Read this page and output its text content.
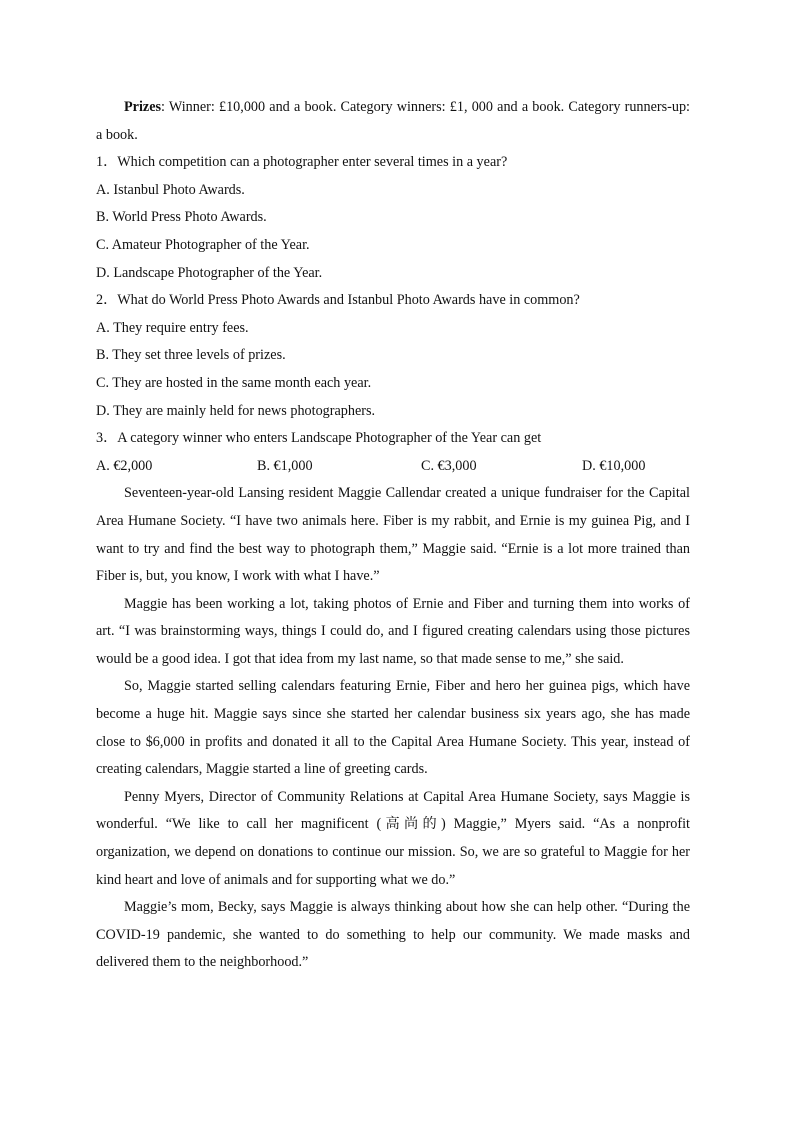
Prizes: Winner: £10,000 and a book. Category winners: £1, 000 and a book. Category runners-up: a book.

1．Which competition can a photographer enter several times in a year?

A. Istanbul Photo Awards.

B. World Press Photo Awards.

C. Amateur Photographer of the Year.

D. Landscape Photographer of the Year.

2．What do World Press Photo Awards and Istanbul Photo Awards have in common?

A. They require entry fees.

B. They set three levels of prizes.

C. They are hosted in the same month each year.

D. They are mainly held for news photographers.

3．A category winner who enters Landscape Photographer of the Year can get

A. €2,000	B. €1,000	C. €3,000	D. €10,000

Seventeen-year-old Lansing resident Maggie Callendar created a unique fundraiser for the Capital Area Humane Society. “I have two animals here. Fiber is my rabbit, and Ernie is my guinea Pig, and I want to try and find the best way to photograph them,” Maggie said. “Ernie is a lot more trained than Fiber is, but, you know, I work with what I have.”

Maggie has been working a lot, taking photos of Ernie and Fiber and turning them into works of art. “I was brainstorming ways, things I could do, and I figured creating calendars using those pictures would be a good idea. I got that idea from my last name, so that made sense to me,” she said.

So, Maggie started selling calendars featuring Ernie, Fiber and hero her guinea pigs, which have become a huge hit. Maggie says since she started her calendar business six years ago, she has made close to $6,000 in profits and donated it all to the Capital Area Humane Society. This year, instead of creating calendars, Maggie started a line of greeting cards.

Penny Myers, Director of Community Relations at Capital Area Humane Society, says Maggie is wonderful. “We like to call her magnificent (高尚的) Maggie,” Myers said. “As a nonprofit organization, we depend on donations to continue our mission. So, we are so grateful to Maggie for her kind heart and love of animals and for supporting what we do.”

Maggie’s mom, Becky, says Maggie is always thinking about how she can help other. “During the COVID-19 pandemic, she wanted to do something to help our community. We made masks and delivered them to the neighborhood.”
